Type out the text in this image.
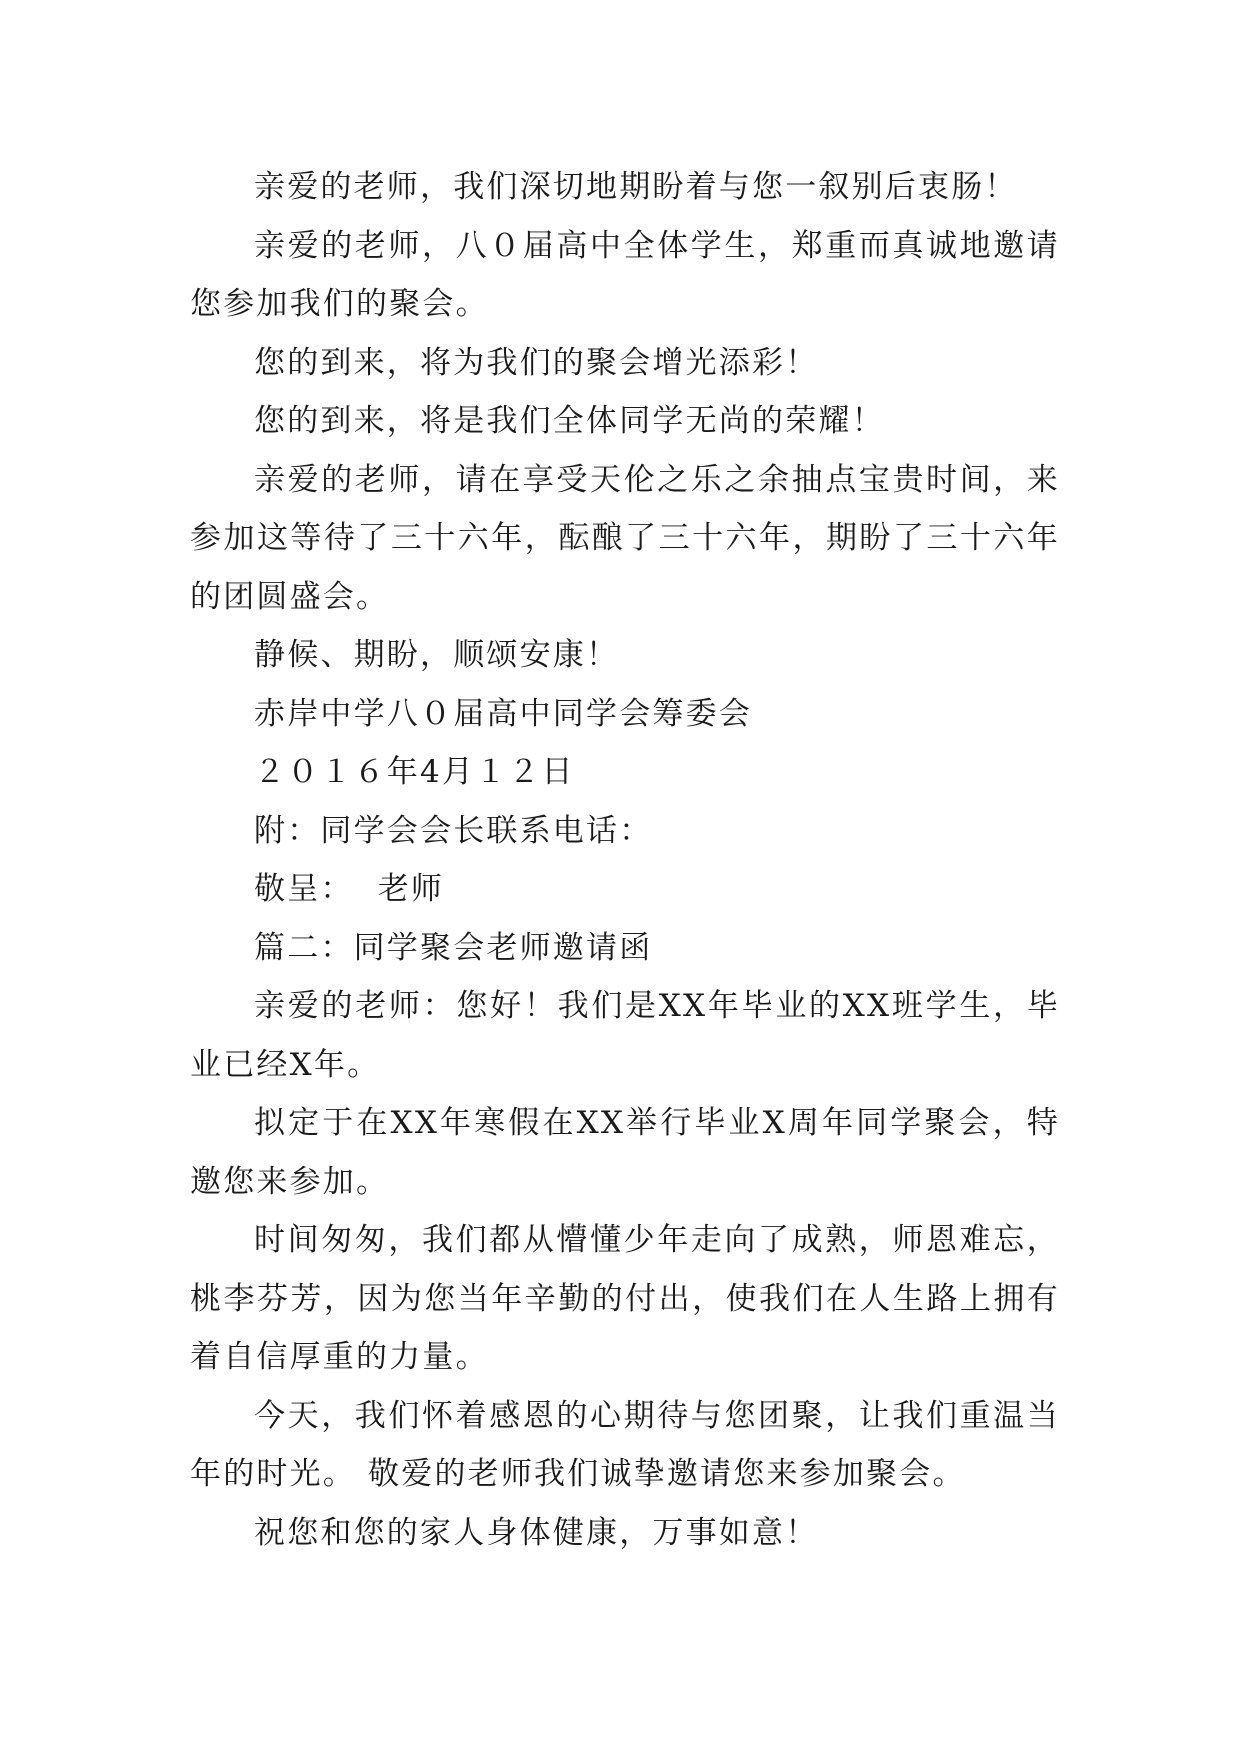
亲爱的老师，我们深切地期盼着与您一叙别后衷肠！

亲爱的老师，八０届高中全体学生，郑重而真诚地邀请您参加我们的聚会。

您的到来，将为我们的聚会增光添彩！

您的到来，将是我们全体同学无尚的荣耀！

亲爱的老师，请在享受天伦之乐之余抽点宝贵时间，来参加这等待了三十六年，酝酿了三十六年，期盼了三十六年的团圆盛会。

静候、期盼，顺颂安康！

赤岸中学八０届高中同学会筹委会

２０１６年4月１２日

附：同学会会长联系电话：

敬呈：  老师

篇二：同学聚会老师邀请函

亲爱的老师：您好！我们是XX年毕业的XX班学生，毕业已经X年。

拟定于在XX年寒假在XX举行毕业X周年同学聚会，特邀您来参加。

时间匆匆，我们都从懵懂少年走向了成熟，师恩难忘，桃李芬芳，因为您当年辛勤的付出，使我们在人生路上拥有着自信厚重的力量。

今天，我们怀着感恩的心期待与您团聚，让我们重温当年的时光。 敬爱的老师我们诚挚邀请您来参加聚会。

祝您和您的家人身体健康，万事如意！
